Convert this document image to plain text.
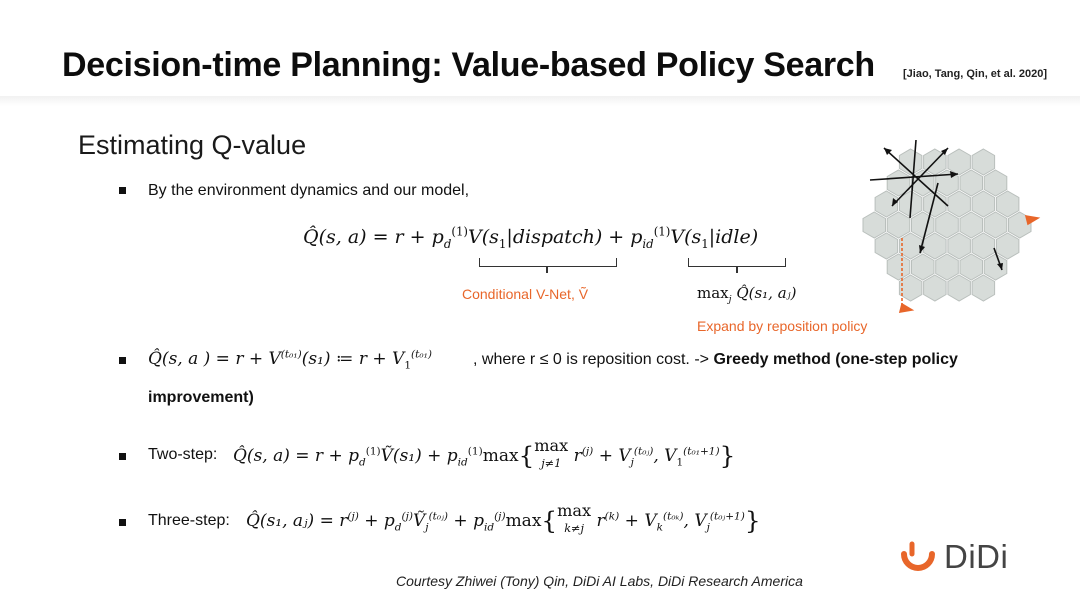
Decision-time Planning: Value-based Policy Search	[Jiao, Tang, Qin, et al. 2020]
Estimating Q-value
By the environment dynamics and our model,
Q̂(s, $a) = r + p_d^{(1)}V(s_1|dispatch)$ + $p_{id}^{(1)}V(s_1|idle)$
Conditional V-Net, Ṽ	$\max_j$ Q̂(s₁, aⱼ)
Expand by reposition policy
Q̂(s, a ) = $r + V^{(t_{01})}(s_1)$ ≔ $r + V_1^{(t_{01})}$	, where r ≤ 0 is reposition cost. -> Greedy method (one-step policy
improvement)
Two-step: Q̂(s, $a) = r + p_d^{(1)}Ṽ(s_1) + p_{id}^{(1)}\max\{\max$
j≠1 $r^{(j)} + V_j^{(t_0ⱼ)}$, $V_1^{(t_{01}+1)}$}
Three-step: Q̂(s₁, aⱼ) = $r^{(j)}$ + $p_d^{(j)}Ṽ_j^{(t_0ⱼ)} + p_{id}^{(j)}\max\{\max$
k≠j $r^{(k)} + V_k^{(t_{0k})}$, $V_j^{(t_0ⱼ+1)}$}
Courtesy Zhiwei (Tony) Qin, DiDi AI Labs, DiDi Research America
DiDi
